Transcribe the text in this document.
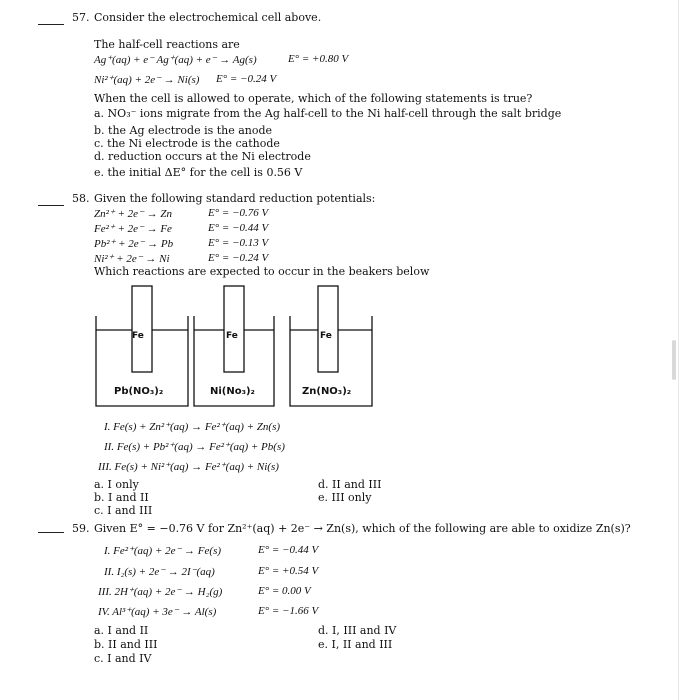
57. Consider the electrochemical cell above.
The half-cell reactions are
Ag⁺(aq) + e⁻ Ag⁺(aq) + e⁻ → Ag(s)	E° = +0.80 V
Ni²⁺(aq) + 2e⁻ → Ni(s) E° = −0.24 V
When the cell is allowed to operate, which of the following statements is true?
a. NO₃⁻ ions migrate from the Ag half-cell to the Ni half-cell through the salt bridge
b. the Ag electrode is the anode
c. the Ni electrode is the cathode
d. reduction occurs at the Ni electrode
e. the initial ΔE° for the cell is 0.56 V
58. Given the following standard reduction potentials:
Zn²⁺ + 2e⁻ → Zn	E° = −0.76 V
Fe²⁺ + 2e⁻ → Fe	E° = −0.44 V
Pb²⁺ + 2e⁻ → Pb	E° = −0.13 V
Ni²⁺ + 2e⁻ → Ni	E° = −0.24 V
Which reactions are expected to occur in the beakers below
Fe	Fe	Fe
Pb(NO₃)₂	Ni(No₃)₂	Zn(NO₃)₂
I. Fe(s) + Zn²⁺(aq) → Fe²⁺(aq) + Zn(s)
II. Fe(s) + Pb²⁺(aq) → Fe²⁺(aq) + Pb(s)
III. Fe(s) + Ni²⁺(aq) → Fe²⁺(aq) + Ni(s)
a. I only
b. I and II
c. I and III
d. II and III
e. III only
59. Given E° = −0.76 V for Zn²⁺(aq) + 2e⁻ → Zn(s), which of the following are able to oxidize Zn(s)?
I. Fe²⁺(aq) + 2e⁻ → Fe(s)	E° = −0.44 V
II. I₂(s) + 2e⁻ → 2I⁻(aq)	E° = +0.54 V
III. 2H⁺(aq) + 2e⁻ → H₂(g)	E° = 0.00 V
IV. Al³⁺(aq) + 3e⁻ → Al(s)	E° = −1.66 V
a. I and II
b. II and III
c. I and IV
d. I, III and IV
e. I, II and III
